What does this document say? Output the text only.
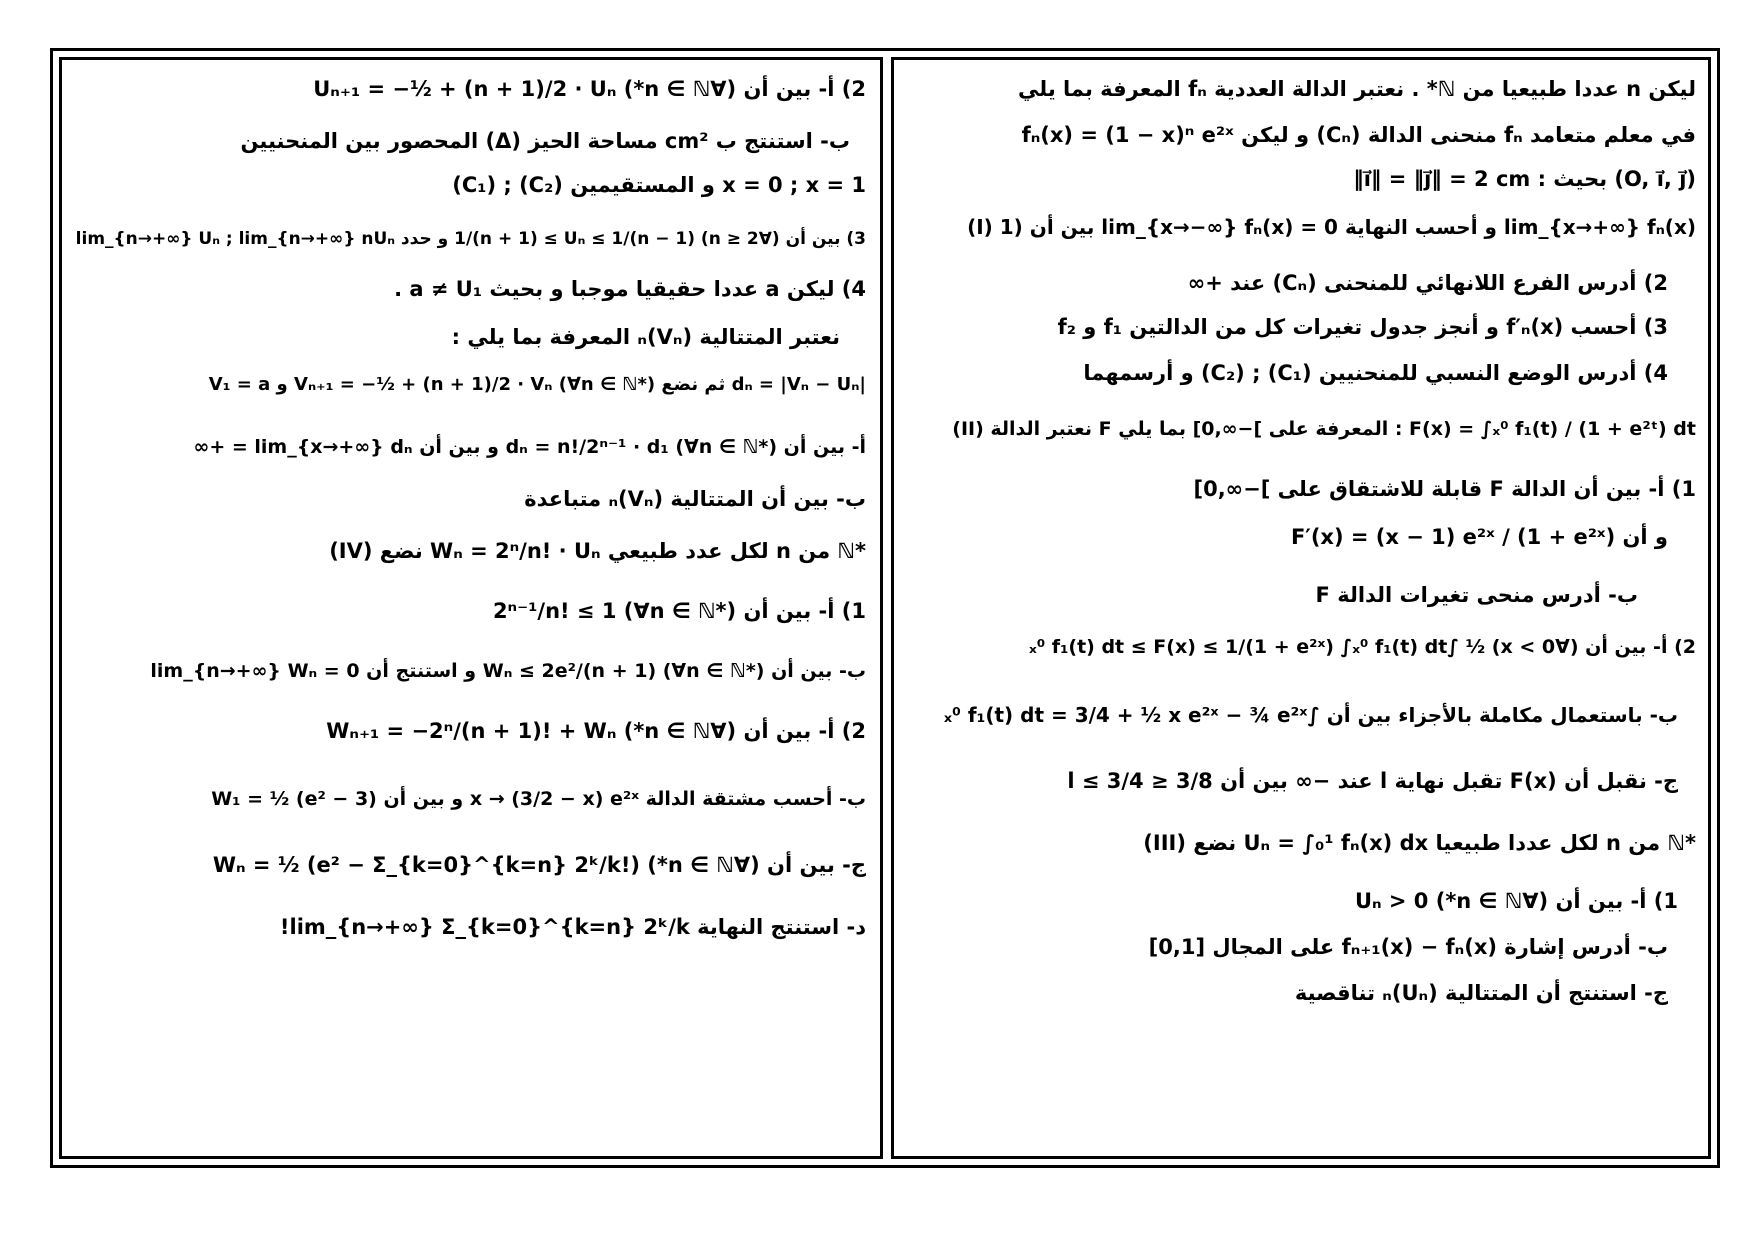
ليكن n عددا طبيعيا من ℕ* . نعتبر الدالة العددية fₙ المعرفة بما يلي
fₙ(x) = (1 − x)ⁿ e²ˣ و ليكن (Cₙ) منحنى الدالة fₙ في معلم متعامد
‖i⃗‖ = ‖j⃗‖ = 2 cm : بحيث (O, i⃗, j⃗)
(I) 1) بين أن lim_{x→−∞} fₙ(x) = 0 و أحسب النهاية lim_{x→+∞} fₙ(x)
2) أدرس الفرع اللانهائي للمنحنى (Cₙ) عند +∞
3) أحسب f′ₙ(x) و أنجز جدول تغيرات كل من الدالتين f₁ و f₂
4) أدرس الوضع النسبي للمنحنيين (C₁) ; (C₂) و أرسمهما
(II) نعتبر الدالة F المعرفة على ]−∞,0] بما يلي : F(x) = ∫ₓ⁰ f₁(t) / (1 + e²ᵗ) dt
1) أ- بين أن الدالة F قابلة للاشتقاق على ]−∞,0]
و أن F′(x) = (x − 1) e²ˣ / (1 + e²ˣ)
ب- أدرس منحى تغيرات الدالة F
2) أ- بين أن (∀x < 0) ½ ∫ₓ⁰ f₁(t) dt ≤ F(x) ≤ 1/(1 + e²ˣ) ∫ₓ⁰ f₁(t) dt
ب- باستعمال مكاملة بالأجزاء بين أن ∫ₓ⁰ f₁(t) dt = 3/4 + ½ x e²ˣ − ¾ e²ˣ
ج- نقبل أن F(x) تقبل نهاية l عند −∞ بين أن 3/8 ≤ l ≤ 3/4
(III) نضع Uₙ = ∫₀¹ fₙ(x) dx لكل عددا طبيعيا n من ℕ*
1) أ- بين أن (∀n ∈ ℕ*) Uₙ > 0
ب- أدرس إشارة fₙ₊₁(x) − fₙ(x) على المجال [0,1]
ج- استنتج أن المتتالية (Uₙ)ₙ تناقصية
2) أ- بين أن (∀n ∈ ℕ*) Uₙ₊₁ = −½ + (n + 1)/2 · Uₙ
ب- استنتج ب cm² مساحة الحيز (Δ) المحصور بين المنحنيين
(C₁) ; (C₂) و المستقيمين x = 0 ; x = 1
3) بين أن (∀n ≥ 2) 1/(n + 1) ≤ Uₙ ≤ 1/(n − 1) و حدد lim_{n→+∞} Uₙ ; lim_{n→+∞} nUₙ
4) ليكن a عددا حقيقيا موجبا و بحيث a ≠ U₁ .
نعتبر المتتالية (Vₙ)ₙ المعرفة بما يلي :
V₁ = a و Vₙ₊₁ = −½ + (n + 1)/2 · Vₙ (∀n ∈ ℕ*) ثم نضع dₙ = |Vₙ − Uₙ|
أ- بين أن dₙ = n!/2ⁿ⁻¹ · d₁ (∀n ∈ ℕ*) و بين أن lim_{x→+∞} dₙ = +∞
ب- بين أن المتتالية (Vₙ)ₙ متباعدة
(IV) نضع Wₙ = 2ⁿ/n! · Uₙ لكل عدد طبيعي n من ℕ*
1) أ- بين أن 2ⁿ⁻¹/n! ≤ 1 (∀n ∈ ℕ*)
ب- بين أن Wₙ ≤ 2e²/(n + 1) (∀n ∈ ℕ*) و استنتج أن lim_{n→+∞} Wₙ = 0
2) أ- بين أن (∀n ∈ ℕ*) Wₙ₊₁ = −2ⁿ/(n + 1)! + Wₙ
ب- أحسب مشتقة الدالة x → (3/2 − x) e²ˣ و بين أن W₁ = ½ (e² − 3)
ج- بين أن (∀n ∈ ℕ*) Wₙ = ½ (e² − Σ_{k=0}^{k=n} 2ᵏ/k!)
د- استنتج النهاية lim_{n→+∞} Σ_{k=0}^{k=n} 2ᵏ/k!
